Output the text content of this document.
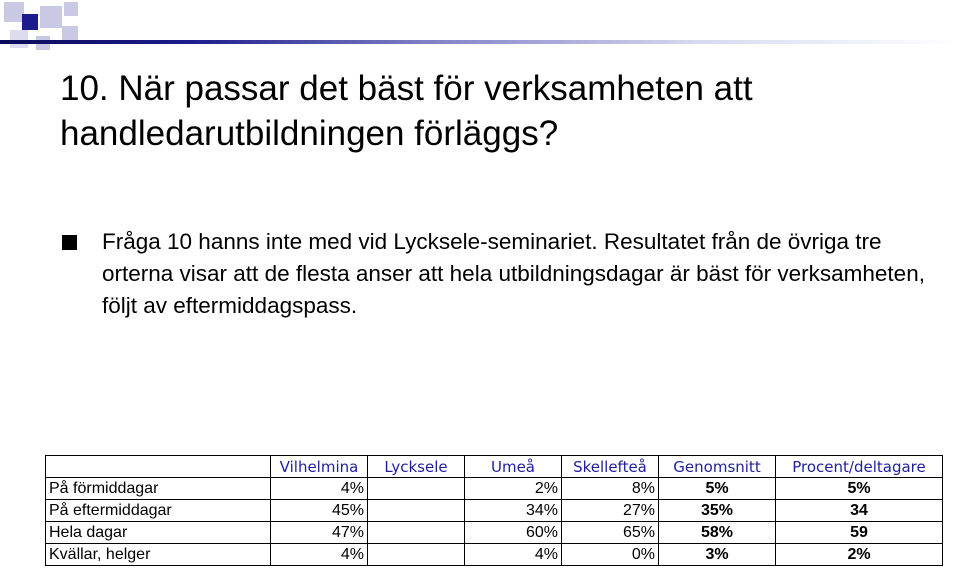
10. När passar det bäst för verksamheten att handledarutbildningen förläggs?
Fråga 10 hanns inte med vid Lycksele-seminariet. Resultatet från de övriga tre orterna visar att de flesta anser att hela utbildningsdagar är bäst för verksamheten, följt av eftermiddagspass.
	Vilhelmina	Lycksele	Umeå	Skellefteå	Genomsnitt	Procent/deltagare
På förmiddagar	4%		2%	8%	5%	5%
På eftermiddagar	45%		34%	27%	35%	34
Hela dagar	47%		60%	65%	58%	59
Kvällar, helger	4%		4%	0%	3%	2%
